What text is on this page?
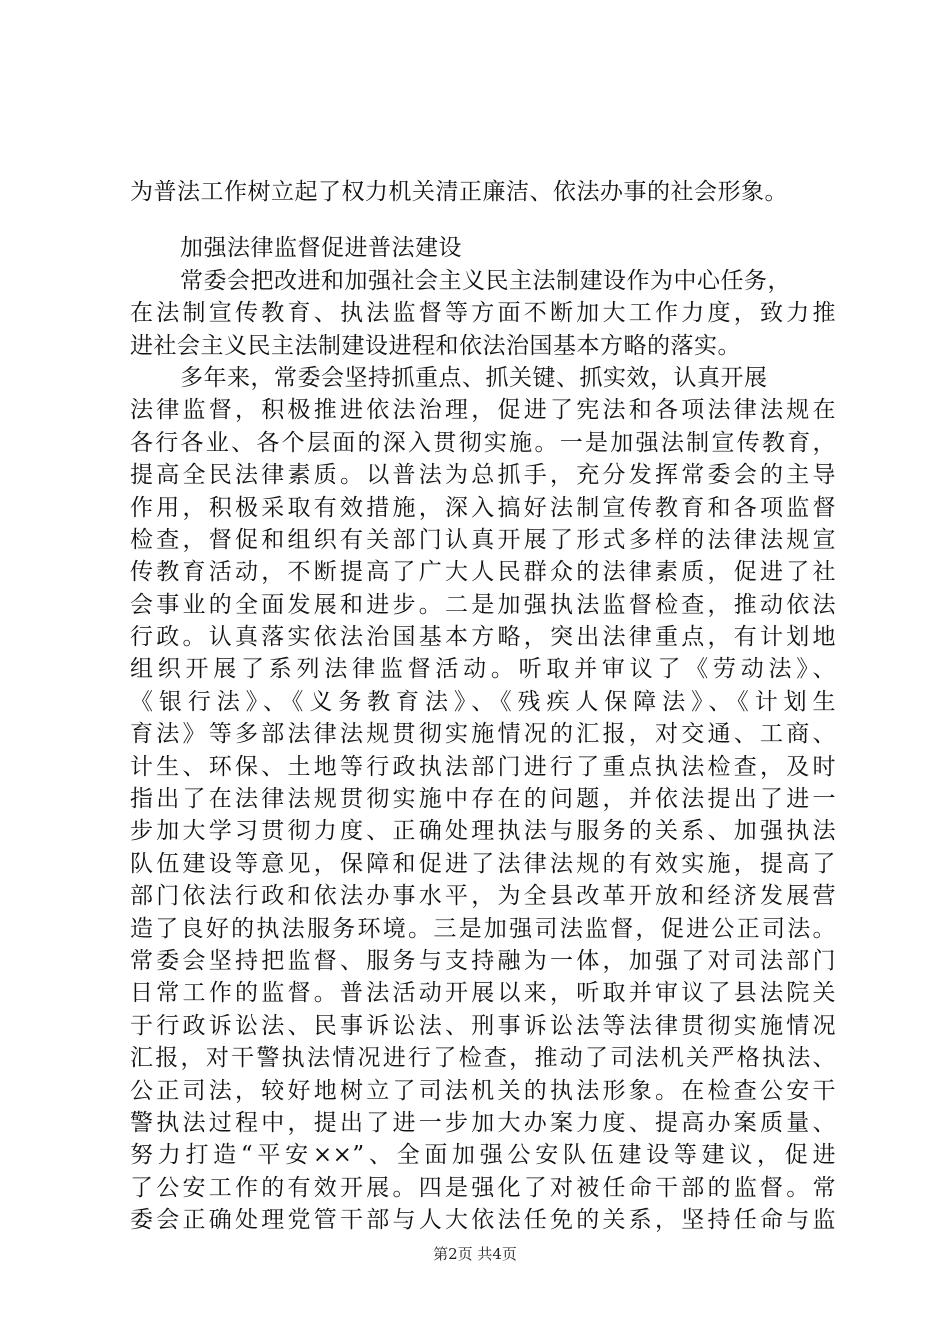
为普法工作树立起了权力机关清正廉洁、依法办事的社会形象。
加强法律监督促进普法建设
常委会把改进和加强社会主义民主法制建设作为中心任务，
在法制宣传教育、执法监督等方面不断加大工作力度，致力推
进社会主义民主法制建设进程和依法治国基本方略的落实。
多年来，常委会坚持抓重点、抓关键、抓实效，认真开展
法律监督，积极推进依法治理，促进了宪法和各项法律法规在
各行各业、各个层面的深入贯彻实施。一是加强法制宣传教育，
提高全民法律素质。以普法为总抓手，充分发挥常委会的主导
作用，积极采取有效措施，深入搞好法制宣传教育和各项监督
检查，督促和组织有关部门认真开展了形式多样的法律法规宣
传教育活动，不断提高了广大人民群众的法律素质，促进了社
会事业的全面发展和进步。二是加强执法监督检查，推动依法
行政。认真落实依法治国基本方略，突出法律重点，有计划地
组织开展了系列法律监督活动。听取并审议了《劳动法》、
《银行法》、《义务教育法》、《残疾人保障法》、《计划生
育法》等多部法律法规贯彻实施情况的汇报，对交通、工商、
计生、环保、土地等行政执法部门进行了重点执法检查，及时
指出了在法律法规贯彻实施中存在的问题，并依法提出了进一
步加大学习贯彻力度、正确处理执法与服务的关系、加强执法
队伍建设等意见，保障和促进了法律法规的有效实施，提高了
部门依法行政和依法办事水平，为全县改革开放和经济发展营
造了良好的执法服务环境。三是加强司法监督，促进公正司法。
常委会坚持把监督、服务与支持融为一体，加强了对司法部门
日常工作的监督。普法活动开展以来，听取并审议了县法院关
于行政诉讼法、民事诉讼法、刑事诉讼法等法律贯彻实施情况
汇报，对干警执法情况进行了检查，推动了司法机关严格执法、
公正司法，较好地树立了司法机关的执法形象。在检查公安干
警执法过程中，提出了进一步加大办案力度、提高办案质量、
努力打造“平安××”、全面加强公安队伍建设等建议，促进
了公安工作的有效开展。四是强化了对被任命干部的监督。常
委会正确处理党管干部与人大依法任免的关系，坚持任命与监
第2页 共4页
